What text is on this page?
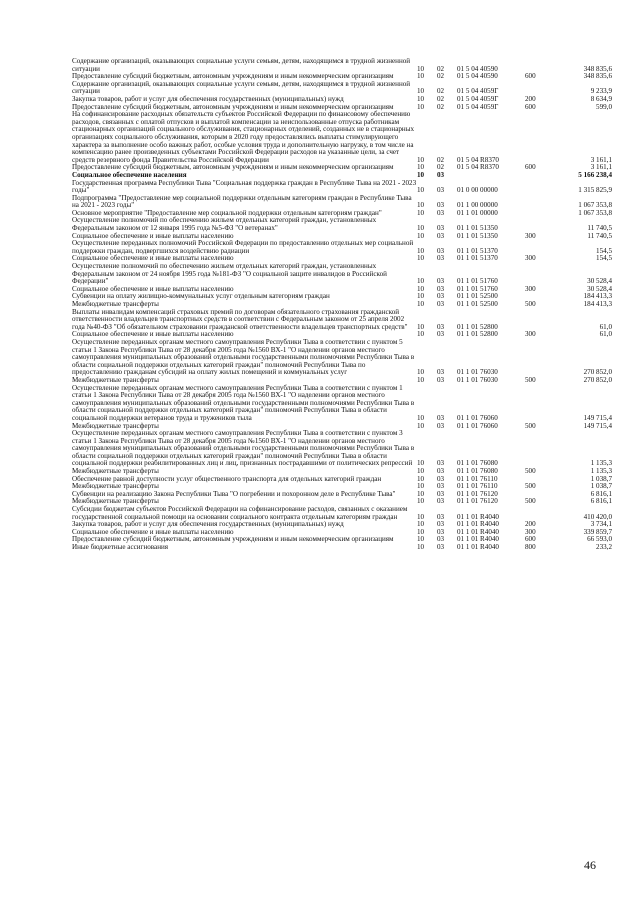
Содержание организаций, оказывающих социальные услуги семьям, детям, находящимся в трудной жизненной ситуации	10	02	01 5 04 40590		348 835,6
Предоставление субсидий бюджетным, автономным учреждениям и иным некоммерческим организациям	10	02	01 5 04 40590	600	348 835,6
Содержание организаций, оказывающих социальные услуги семьям, детям, находящимся в трудной жизненной ситуации	10	02	01 5 04 4059Г		9 233,9
Закупка товаров, работ и услуг для обеспечения государственных (муниципальных) нужд	10	02	01 5 04 4059Г	200	8 634,9
Предоставление субсидий бюджетным, автономным учреждениям и иным некоммерческим организациям	10	02	01 5 04 4059Г	600	599,0
На софинансирование расходных обязательств субъектов Российской Федерации по финансовому обеспечению расходов, связанных с оплатой отпусков и выплатой компенсации за неиспользованные отпуска работникам стационарных организаций социального обслуживания, стационарных отделений, созданных не в стационарных организациях социального обслуживания, которым в 2020 году предоставлялись выплаты стимулирующего характера за выполнение особо важных работ, особые условия труда и дополнительную нагрузку, в том числе на компенсацию ранее произведенных субъектами Российской Федерации расходов на указанные цели, за счет средств резервного фонда Правительства Российской Федерации	10	02	01 5 04 R8370		3 161,1
Предоставление субсидий бюджетным, автономным учреждениям и иным некоммерческим организациям	10	02	01 5 04 R8370	600	3 161,1
Социальное обеспечение населения	10	03			5 166 238,4
Государственная программа Республики Тыва "Социальная поддержка граждан в Республике Тыва на 2021 - 2023 годы"	10	03	01 0 00 00000		1 315 825,9
Подпрограмма "Предоставление мер социальной поддержки отдельным категориям граждан в Республике Тыва на 2021 - 2023 годы"	10	03	01 1 00 00000		1 067 353,8
Основное мероприятие "Предоставление мер социальной поддержки отдельным категориям граждан"	10	03	01 1 01 00000		1 067 353,8
Осуществление полномочий по обеспечению жильем отдельных категорий граждан, установленных Федеральным законом от 12 января 1995 года №5-ФЗ "О ветеранах"	10	03	01 1 01 51350		11 740,5
Социальное обеспечение и иные выплаты населению	10	03	01 1 01 51350	300	11 740,5
Осуществление переданных полномочий Российской Федерации по предоставлению отдельных мер социальной поддержки граждан, подвергшихся воздействию радиации	10	03	01 1 01 51370		154,5
Социальное обеспечение и иные выплаты населению	10	03	01 1 01 51370	300	154,5
Осуществление полномочий по обеспечению жильем отдельных категорий граждан, установленных Федеральным законом от 24 ноября 1995 года №181-ФЗ "О социальной защите инвалидов в Российской Федерации"	10	03	01 1 01 51760		30 528,4
Социальное обеспечение и иные выплаты населению	10	03	01 1 01 51760	300	30 528,4
Субвенции на оплату жилищно-коммунальных услуг отдельным категориям граждан	10	03	01 1 01 52500		184 413,3
Межбюджетные трансферты	10	03	01 1 01 52500	500	184 413,3
Выплаты инвалидам компенсаций страховых премий по договорам обязательного страхования гражданской ответственности владельцев транспортных средств в соответствии с Федеральным законом от 25 апреля 2002 года №40-ФЗ "Об обязательном страховании гражданской ответственности владельцев транспортных средств"	10	03	01 1 01 52800		61,0
Социальное обеспечение и иные выплаты населению	10	03	01 1 01 52800	300	61,0
Осуществление переданных органам местного самоуправления Республики Тыва в соответствии с пунктом 5 статьи 1 Закона Республики Тыва от 28 декабря 2005 года №1560 ВХ-1 "О наделении органов местного самоуправления муниципальных образований отдельными государственными полномочиями Республики Тыва в области социальной поддержки отдельных категорий граждан" полномочий Республики Тыва по предоставлению гражданам субсидий на оплату жилых помещений и коммунальных услуг	10	03	01 1 01 76030		270 852,0
Межбюджетные трансферты	10	03	01 1 01 76030	500	270 852,0
Осуществление переданных органам местного самоуправления Республики Тыва в соответствии с пунктом 1 статьи 1 Закона Республики Тыва от 28 декабря 2005 года №1560 ВХ-1 "О наделении органов местного самоуправления муниципальных образований отдельными государственными полномочиями Республики Тыва в области социальной поддержки отдельных категорий граждан" полномочий Республики Тыва в области социальной поддержки ветеранов труда и тружеников тыла	10	03	01 1 01 76060		149 715,4
Межбюджетные трансферты	10	03	01 1 01 76060	500	149 715,4
Осуществление переданных органам местного самоуправления Республики Тыва в соответствии с пунктом 3 статьи 1 Закона Республики Тыва от 28 декабря 2005 года №1560 ВХ-1 "О наделении органов местного самоуправления муниципальных образований отдельными государственными полномочиями Республики Тыва в области социальной поддержки отдельных категорий граждан" полномочий Республики Тыва в области социальной поддержки реабилитированных лиц и лиц, признанных пострадавшими от политических репрессий	10	03	01 1 01 76080		1 135,3
Межбюджетные трансферты	10	03	01 1 01 76080	500	1 135,3
Обеспечение равной доступности услуг общественного транспорта для отдельных категорий граждан	10	03	01 1 01 76110		1 038,7
Межбюджетные трансферты	10	03	01 1 01 76110	500	1 038,7
Субвенции на реализацию Закона Республики Тыва "О погребении и похоронном деле в Республике Тыва"	10	03	01 1 01 76120		6 816,1
Межбюджетные трансферты	10	03	01 1 01 76120	500	6 816,1
Субсидии бюджетам субъектов Российской Федерации на софинансирование расходов, связанных с оказанием государственной социальной помощи на основании социального контракта отдельным категориям граждан	10	03	01 1 01 R4040		410 420,0
Закупка товаров, работ и услуг для обеспечения государственных (муниципальных) нужд	10	03	01 1 01 R4040	200	3 734,1
Социальное обеспечение и иные выплаты населению	10	03	01 1 01 R4040	300	339 859,7
Предоставление субсидий бюджетным, автономным учреждениям и иным некоммерческим организациям	10	03	01 1 01 R4040	600	66 593,0
Иные бюджетные ассигнования	10	03	01 1 01 R4040	800	233,2
46
